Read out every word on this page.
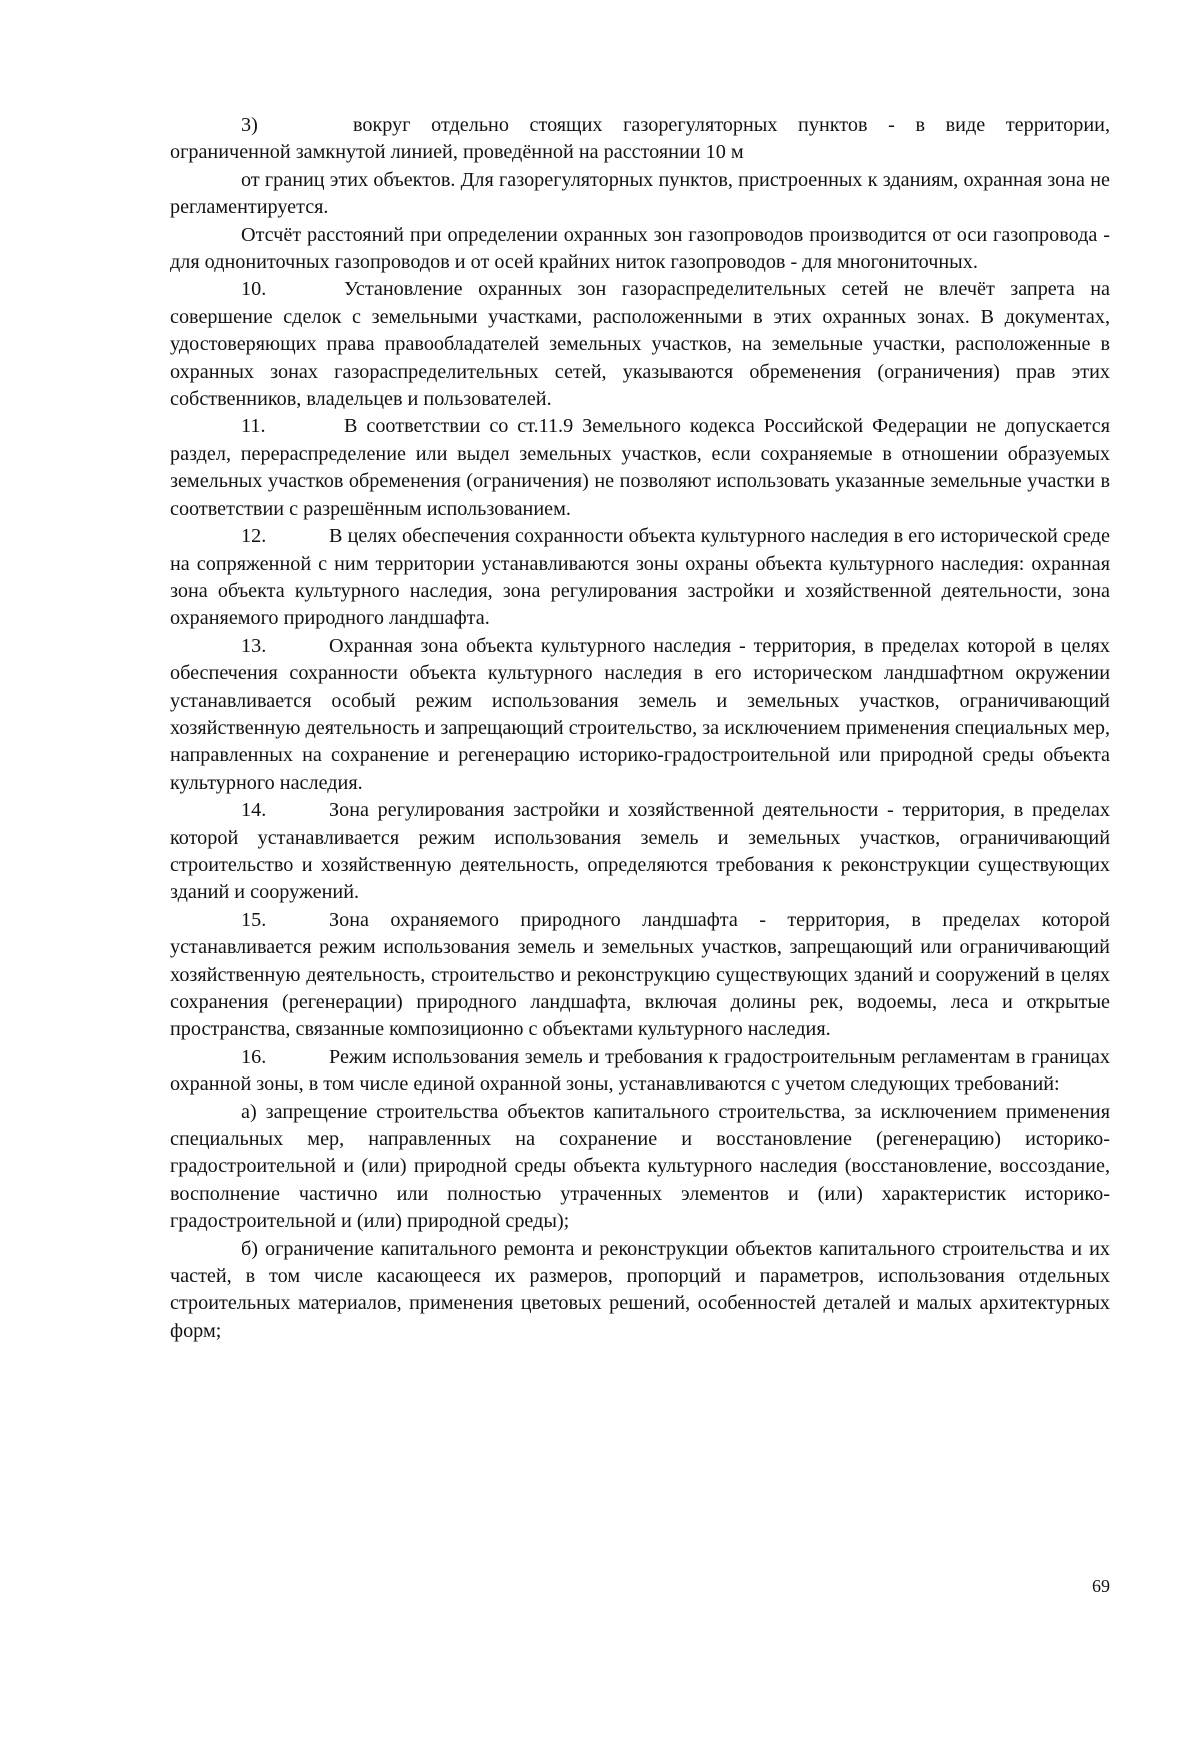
3)	вокруг отдельно стоящих газорегуляторных пунктов - в виде территории, ограниченной замкнутой линией, проведённой на расстоянии 10 м

от границ этих объектов. Для газорегуляторных пунктов, пристроенных к зданиям, охранная зона не регламентируется.

Отсчёт расстояний при определении охранных зон газопроводов производится от оси газопровода - для однониточных газопроводов и от осей крайних ниток газопроводов - для многониточных.

10.	Установление охранных зон газораспределительных сетей не влечёт запрета на совершение сделок с земельными участками, расположенными в этих охранных зонах. В документах, удостоверяющих права правообладателей земельных участков, на земельные участки, расположенные в охранных зонах газораспределительных сетей, указываются обременения (ограничения) прав этих собственников, владельцев и пользователей.

11.	В соответствии со ст.11.9 Земельного кодекса Российской Федерации не допускается раздел, перераспределение или выдел земельных участков, если сохраняемые в отношении образуемых земельных участков обременения (ограничения) не позволяют использовать указанные земельные участки в соответствии с разрешённым использованием.

12.	В целях обеспечения сохранности объекта культурного наследия в его исторической среде на сопряженной с ним территории устанавливаются зоны охраны объекта культурного наследия: охранная зона объекта культурного наследия, зона регулирования застройки и хозяйственной деятельности, зона охраняемого природного ландшафта.

13.	Охранная зона объекта культурного наследия - территория, в пределах которой в целях обеспечения сохранности объекта культурного наследия в его историческом ландшафтном окружении устанавливается особый режим использования земель и земельных участков, ограничивающий хозяйственную деятельность и запрещающий строительство, за исключением применения специальных мер, направленных на сохранение и регенерацию историко-градостроительной или природной среды объекта культурного наследия.

14.	Зона регулирования застройки и хозяйственной деятельности - территория, в пределах которой устанавливается режим использования земель и земельных участков, ограничивающий строительство и хозяйственную деятельность, определяются требования к реконструкции существующих зданий и сооружений.

15.	Зона охраняемого природного ландшафта - территория, в пределах которой устанавливается режим использования земель и земельных участков, запрещающий или ограничивающий хозяйственную деятельность, строительство и реконструкцию существующих зданий и сооружений в целях сохранения (регенерации) природного ландшафта, включая долины рек, водоемы, леса и открытые пространства, связанные композиционно с объектами культурного наследия.

16.	Режим использования земель и требования к градостроительным регламентам в границах охранной зоны, в том числе единой охранной зоны, устанавливаются с учетом следующих требований:

а) запрещение строительства объектов капитального строительства, за исключением применения специальных мер, направленных на сохранение и восстановление (регенерацию) историко-градостроительной и (или) природной среды объекта культурного наследия (восстановление, воссоздание, восполнение частично или полностью утраченных элементов и (или) характеристик историко-градостроительной и (или) природной среды);

б) ограничение капитального ремонта и реконструкции объектов капитального строительства и их частей, в том числе касающееся их размеров, пропорций и параметров, использования отдельных строительных материалов, применения цветовых решений, особенностей деталей и малых архитектурных форм;

69
